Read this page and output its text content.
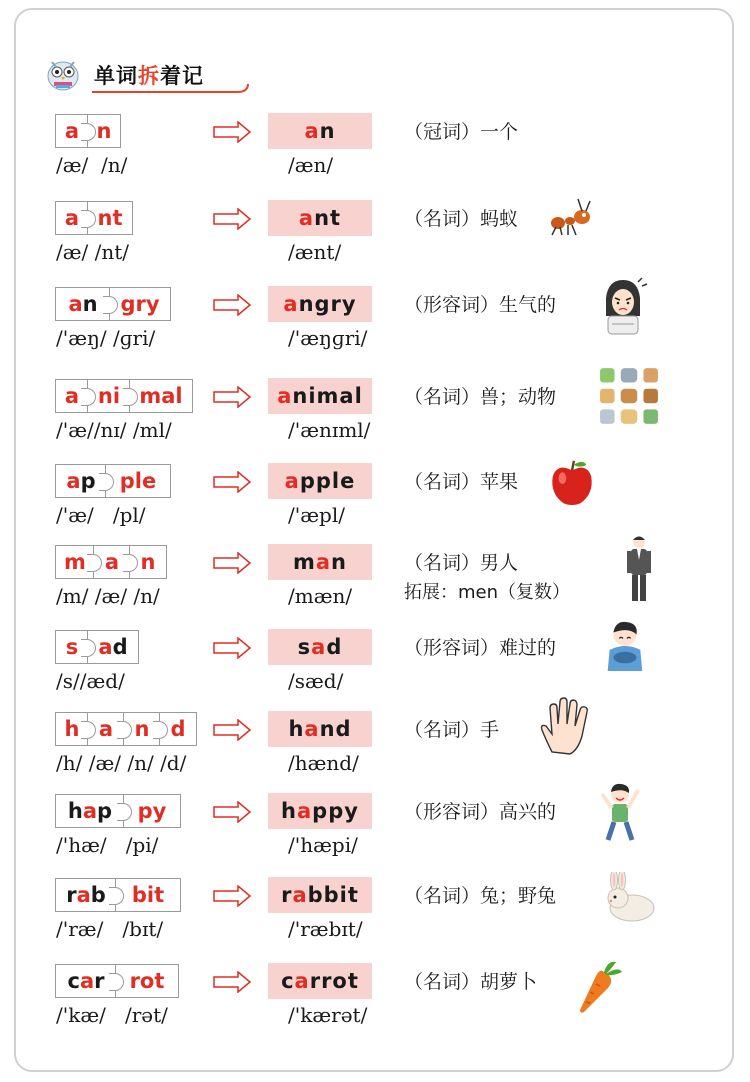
单词拆着记
a n
/æ/  /n/
a n
/æn/
（冠词）一个
a nt
/æ/ /nt/
a nt
/ænt/
（名词）蚂蚁
a n gry
/'æŋ/ /ɡri/
a ngry
/'æŋɡri/
（形容词）生气的
a ni mal
/'æ//nɪ/ /ml/
a nimal
/'ænɪml/
（名词）兽；动物
a p ple
/'æ/   /pl/
a pple
/'æpl/
（名词）苹果
m a n
/m/ /æ/ /n/
m a n
/mæn/
（名词）男人
拓展：men（复数）
s a d
/s//æd/
s a d
/sæd/
（形容词）难过的
h a n d
/h/ /æ/ /n/ /d/
h a nd
/hænd/
（名词）手
h a p py
/'hæ/   /pi/
h a ppy
/'hæpi/
（形容词）高兴的
r a b bit
/'ræ/   /bɪt/
r a bbit
/'ræbɪt/
（名词）兔；野兔
c a r rot
/'kæ/   /rət/
c a rrot
/'kærət/
（名词）胡萝卜
